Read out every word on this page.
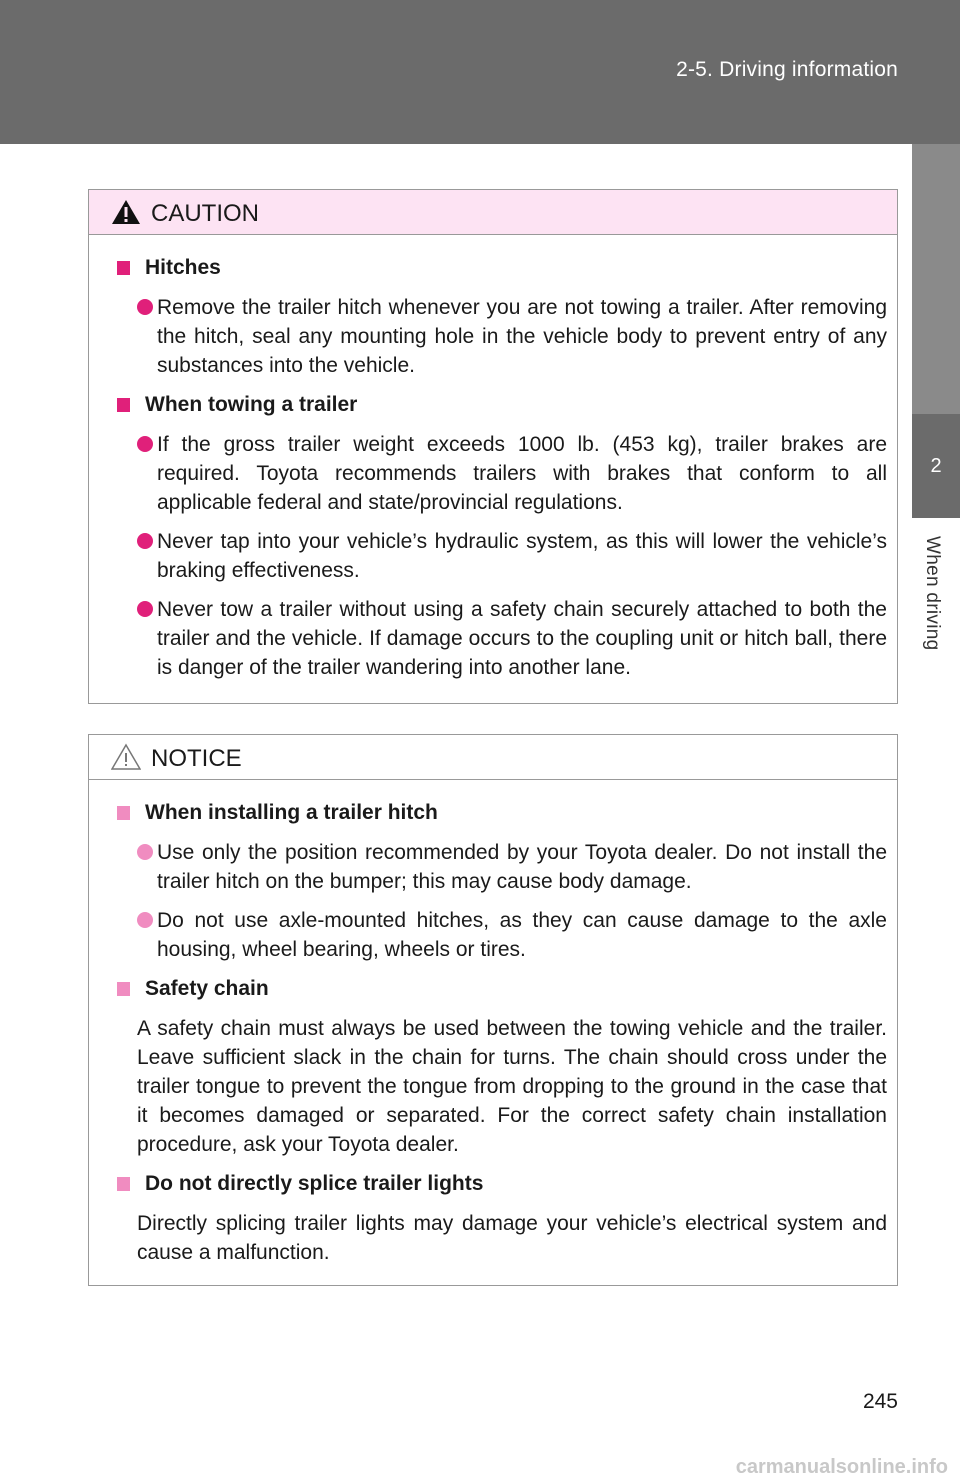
2-5. Driving information
2
When driving
CAUTION
Hitches
Remove the trailer hitch whenever you are not towing a trailer. After removing the hitch, seal any mounting hole in the vehicle body to prevent entry of any substances into the vehicle.
When towing a trailer
If the gross trailer weight exceeds 1000 lb. (453 kg), trailer brakes are required. Toyota recommends trailers with brakes that conform to all applicable federal and state/provincial regulations.
Never tap into your vehicle’s hydraulic system, as this will lower the vehicle’s braking effectiveness.
Never tow a trailer without using a safety chain securely attached to both the trailer and the vehicle. If damage occurs to the coupling unit or hitch ball, there is danger of the trailer wandering into another lane.
NOTICE
When installing a trailer hitch
Use only the position recommended by your Toyota dealer. Do not install the trailer hitch on the bumper; this may cause body damage.
Do not use axle-mounted hitches, as they can cause damage to the axle housing, wheel bearing, wheels or tires.
Safety chain
A safety chain must always be used between the towing vehicle and the trailer. Leave sufficient slack in the chain for turns. The chain should cross under the trailer tongue to prevent the tongue from dropping to the ground in the case that it becomes damaged or separated. For the correct safety chain installation procedure, ask your Toyota dealer.
Do not directly splice trailer lights
Directly splicing trailer lights may damage your vehicle’s electrical system and cause a malfunction.
245
carmanualsonline.info
